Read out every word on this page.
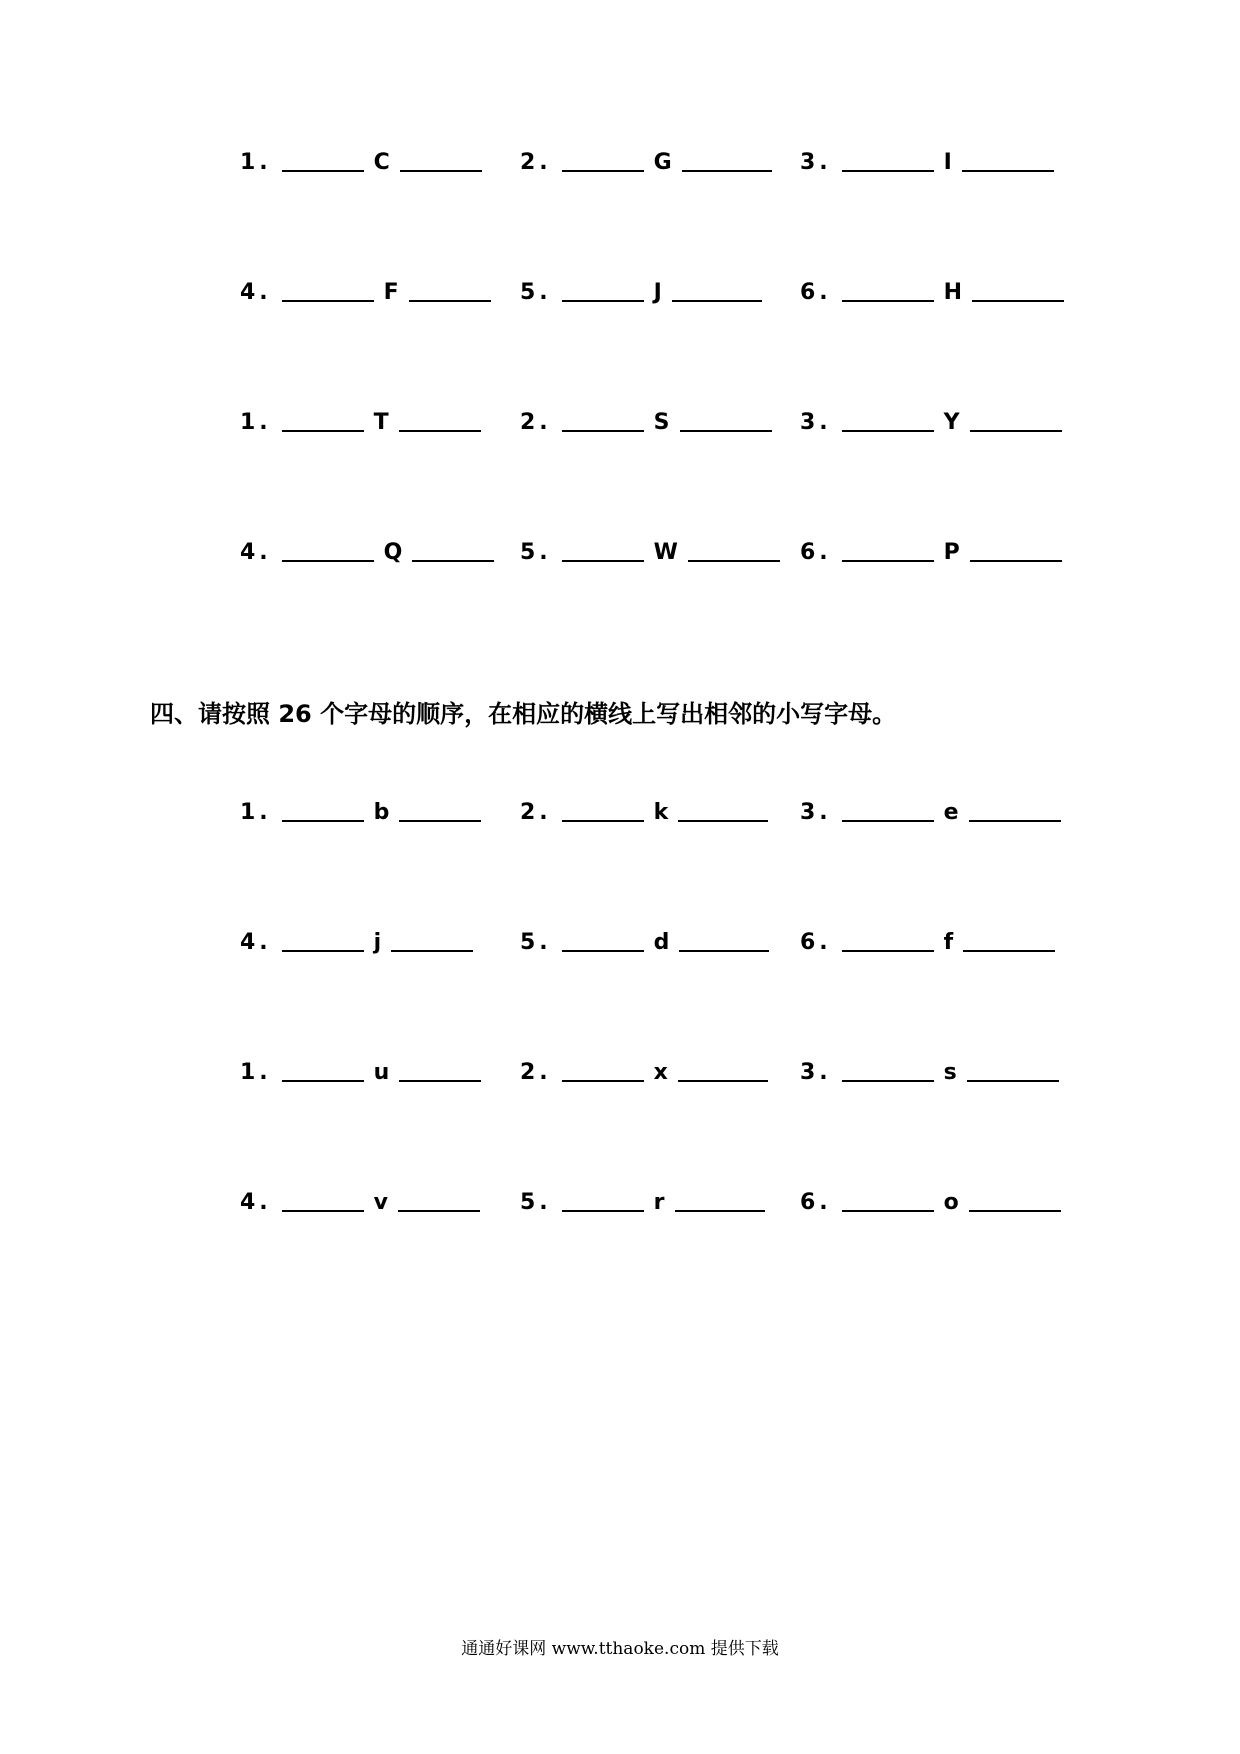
1.	C	2.	G	3.	I
4.	F	5.	J	6.	H
1.	T	2.	S	3.	Y
4.	Q	5.	W	6.	P
四、请按照 26 个字母的顺序，在相应的横线上写出相邻的小写字母。
1.	b	2.	k	3.	e
4.	j	5.	d	6.	f
1.	u	2.	x	3.	s
4.	v	5.	r	6.	o
通通好课网 www.tthaoke.com 提供下载
